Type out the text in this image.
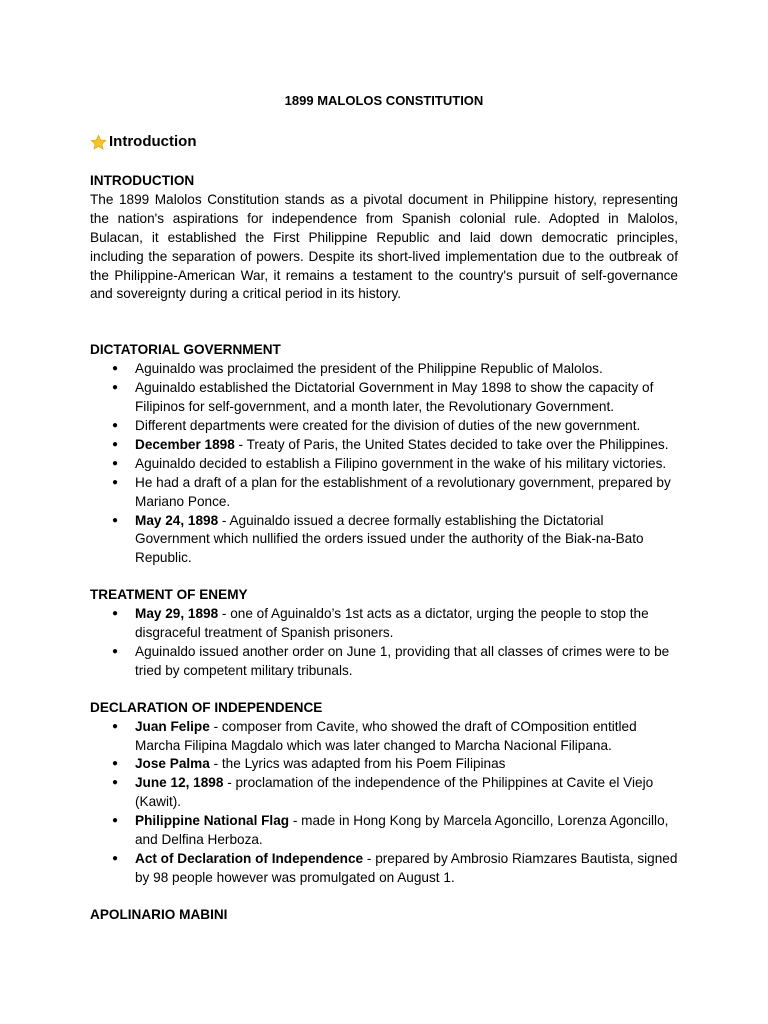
1899 MALOLOS CONSTITUTION
Introduction

INTRODUCTION

The 1899 Malolos Constitution stands as a pivotal document in Philippine history, representing the nation's aspirations for independence from Spanish colonial rule. Adopted in Malolos, Bulacan, it established the First Philippine Republic and laid down democratic principles, including the separation of powers. Despite its short-lived implementation due to the outbreak of the Philippine-American War, it remains a testament to the country's pursuit of self-governance and sovereignty during a critical period in its history.

DICTATORIAL GOVERNMENT

● Aguinaldo was proclaimed the president of the Philippine Republic of Malolos.
● Aguinaldo established the Dictatorial Government in May 1898 to show the capacity of Filipinos for self-government, and a month later, the Revolutionary Government.
● Different departments were created for the division of duties of the new government.
● December 1898 - Treaty of Paris, the United States decided to take over the Philippines.
● Aguinaldo decided to establish a Filipino government in the wake of his military victories.
● He had a draft of a plan for the establishment of a revolutionary government, prepared by Mariano Ponce.
● May 24, 1898 - Aguinaldo issued a decree formally establishing the Dictatorial Government which nullified the orders issued under the authority of the Biak-na-Bato Republic.

TREATMENT OF ENEMY

● May 29, 1898 - one of Aguinaldo’s 1st acts as a dictator, urging the people to stop the disgraceful treatment of Spanish prisoners.
● Aguinaldo issued another order on June 1, providing that all classes of crimes were to be tried by competent military tribunals.

DECLARATION OF INDEPENDENCE

● Juan Felipe - composer from Cavite, who showed the draft of COmposition entitled Marcha Filipina Magdalo which was later changed to Marcha Nacional Filipana.
● Jose Palma - the Lyrics was adapted from his Poem Filipinas
● June 12, 1898 - proclamation of the independence of the Philippines at Cavite el Viejo (Kawit).
● Philippine National Flag - made in Hong Kong by Marcela Agoncillo, Lorenza Agoncillo, and Delfina Herboza.
● Act of Declaration of Independence - prepared by Ambrosio Riamzares Bautista, signed by 98 people however was promulgated on August 1.

APOLINARIO MABINI
